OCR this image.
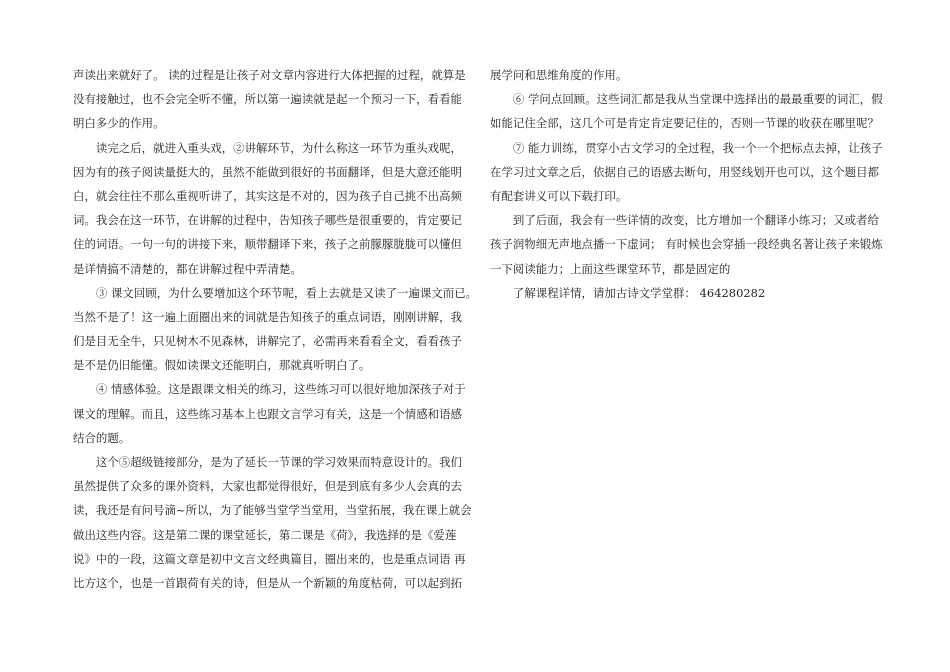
声读出来就好了。 读的过程是让孩子对文章内容进行大体把握的过程，就算是
没有接触过，也不会完全听不懂，所以第一遍读就是起一个预习一下，看看能
明白多少的作用。
　　读完之后，就进入重头戏，②讲解环节，为什么称这一环节为重头戏呢，
因为有的孩子阅读量挺大的，虽然不能做到很好的书面翻译，但是大意还能明
白，就会往往不那么重视听讲了，其实这是不对的，因为孩子自己挑不出高频
词。我会在这一环节，在讲解的过程中，告知孩子哪些是很重要的，肯定要记
住的词语。一句一句的讲接下来，顺带翻译下来，孩子之前朦朦胧胧可以懂但
是详情搞不清楚的，都在讲解过程中弄清楚。
　　③ 课文回顾，为什么要增加这个环节呢，看上去就是又读了一遍课文而已。
当然不是了！这一遍上面圈出来的词就是告知孩子的重点词语，刚刚讲解，我
们是目无全牛，只见树木不见森林，讲解完了，必需再来看看全文，看看孩子
是不是仍旧能懂。假如读课文还能明白，那就真听明白了。
　　④ 情感体验。这是跟课文相关的练习，这些练习可以很好地加深孩子对于
课文的理解。而且，这些练习基本上也跟文言学习有关，这是一个情感和语感
结合的题。
　　这个⑤超级链接部分，是为了延长一节课的学习效果而特意设计的。我们
虽然提供了众多的课外资料，大家也都觉得很好，但是到底有多少人会真的去
读，我还是有问号滴~所以，为了能够当堂学当堂用，当堂拓展，我在课上就会
做出这些内容。这是第二课的课堂延长，第二课是《荷》，我选择的是《爱莲
说》中的一段，这篇文章是初中文言文经典篇目，圈出来的，也是重点词语 再
比方这个，也是一首跟荷有关的诗，但是从一个新颖的角度枯荷，可以起到拓
展学问和思维角度的作用。
　　⑥ 学问点回顾。这些词汇都是我从当堂课中选择出的最最重要的词汇，假
如能记住全部，这几个可是肯定肯定要记住的，否则一节课的收获在哪里呢？
　　⑦ 能力训练，贯穿小古文学习的全过程，我一个一个把标点去掉，让孩子
在学习过文章之后，依据自己的语感去断句，用竖线划开也可以，这个题目都
有配套讲义可以下载打印。
　　到了后面，我会有一些详情的改变，比方增加一个翻译小练习；又或者给
孩子润物细无声地点播一下虚词； 有时候也会穿插一段经典名著让孩子来锻炼
一下阅读能力；上面这些课堂环节，都是固定的
　　了解课程详情，请加古诗文学堂群： 464280282
